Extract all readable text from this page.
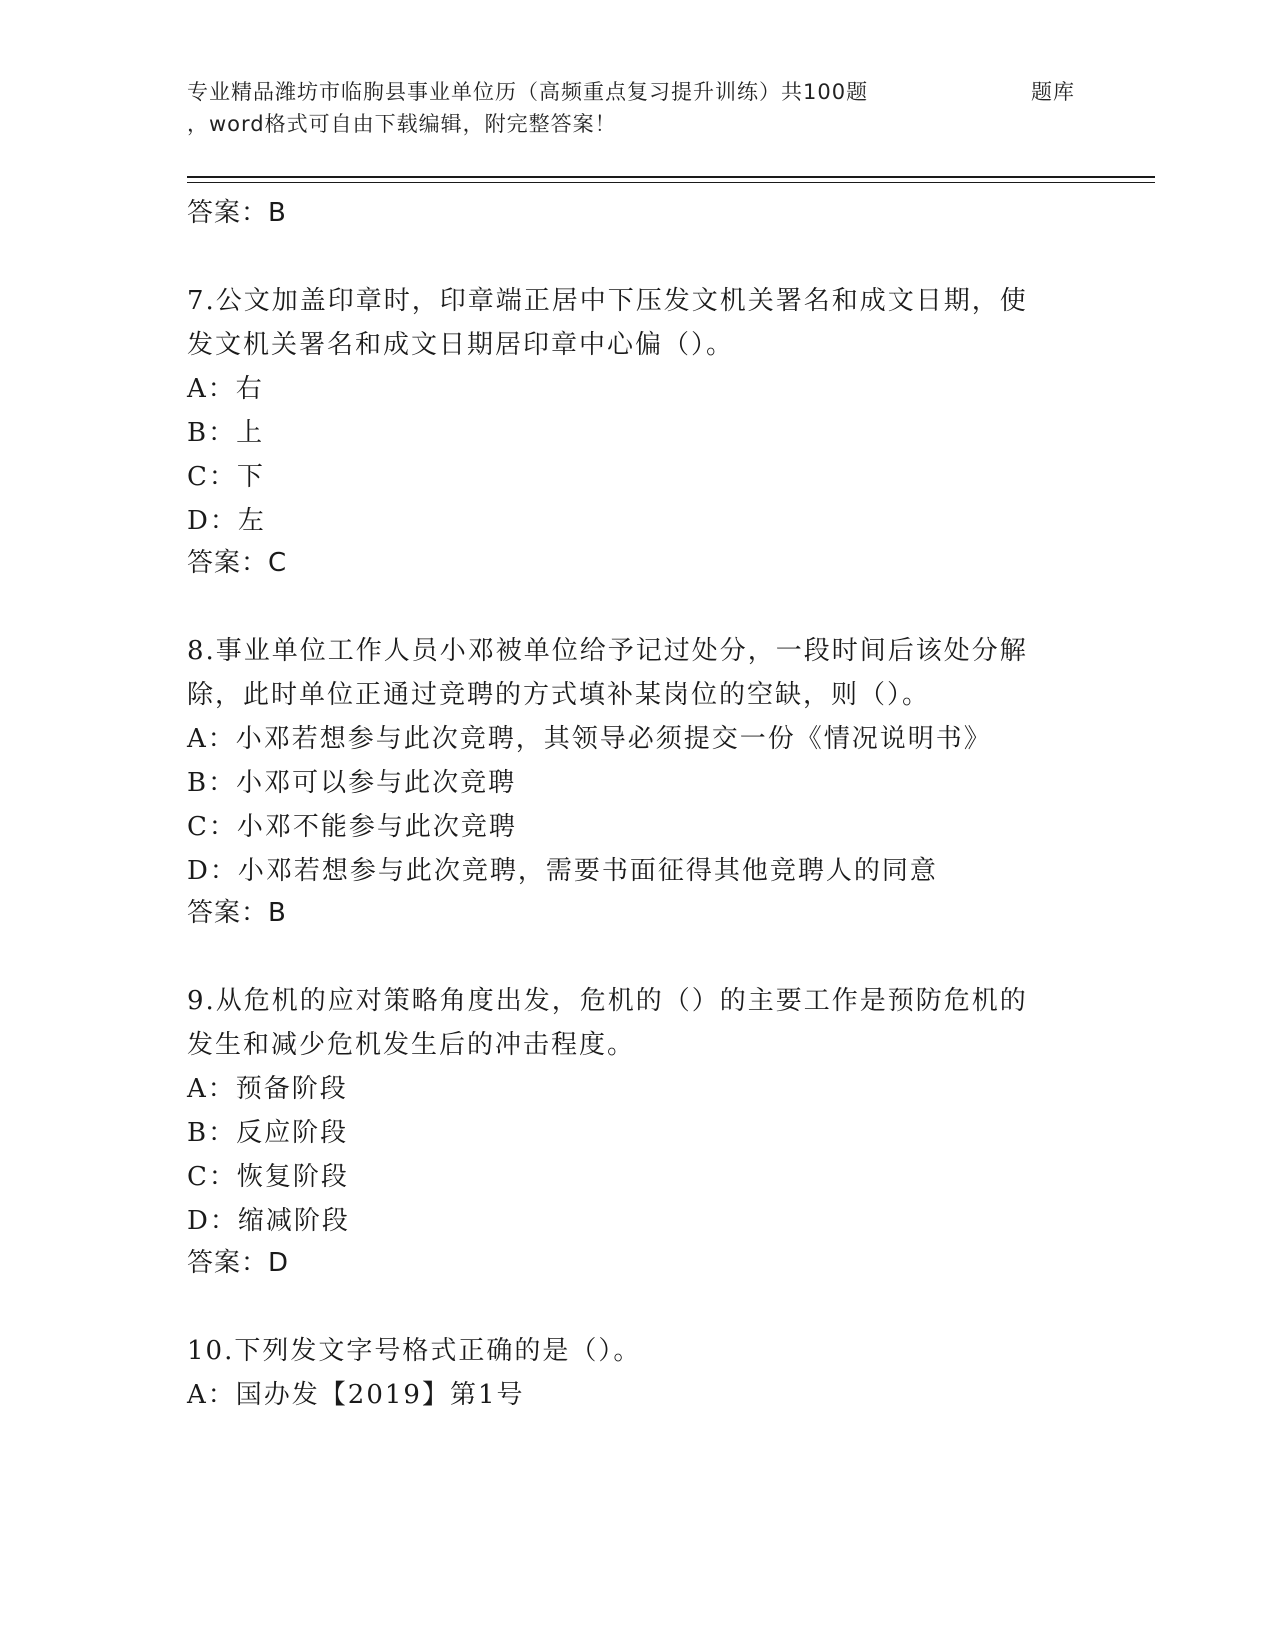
专业精品潍坊市临朐县事业单位历（高频重点复习提升训练）共100题	题库
，word格式可自由下载编辑，附完整答案！
答案：B
7.公文加盖印章时，印章端正居中下压发文机关署名和成文日期，使
发文机关署名和成文日期居印章中心偏（）。
A：右
B：上
C：下
D：左
答案：C
8.事业单位工作人员小邓被单位给予记过处分，一段时间后该处分解
除，此时单位正通过竞聘的方式填补某岗位的空缺，则（）。
A：小邓若想参与此次竞聘，其领导必须提交一份《情况说明书》
B：小邓可以参与此次竞聘
C：小邓不能参与此次竞聘
D：小邓若想参与此次竞聘，需要书面征得其他竞聘人的同意
答案：B
9.从危机的应对策略角度出发，危机的（）的主要工作是预防危机的
发生和减少危机发生后的冲击程度。
A：预备阶段
B：反应阶段
C：恢复阶段
D：缩减阶段
答案：D
10.下列发文字号格式正确的是（）。
A：国办发【2019】第1号
